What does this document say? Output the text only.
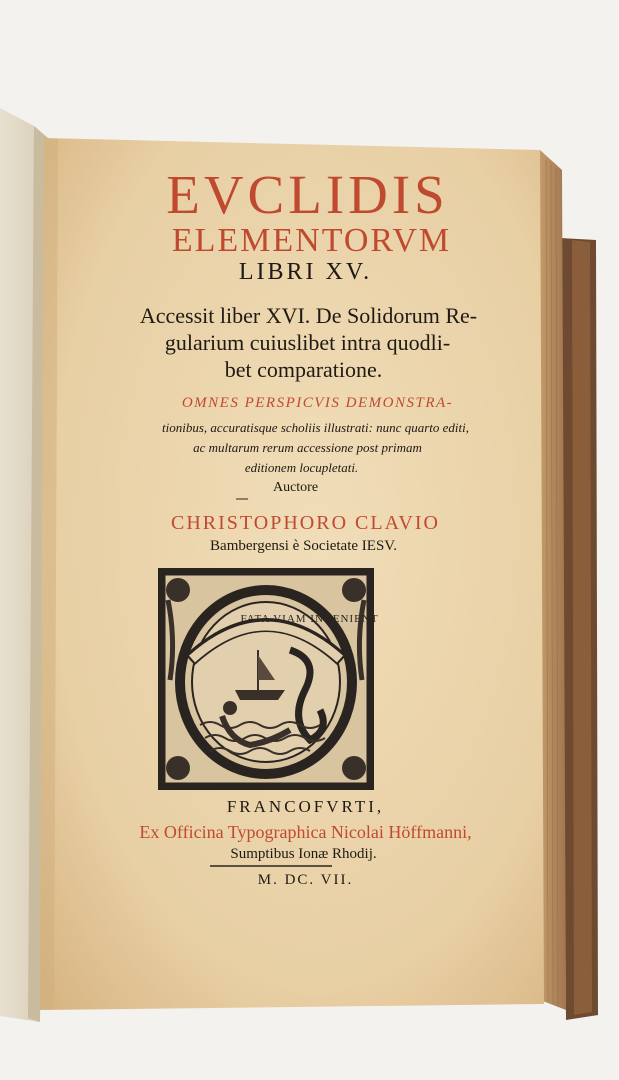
EVCLIDIS
ELEMENTORVM
LIBRI XV.
Accessit liber XVI. De Solidorum Re-
gularium cuiuslibet intra quodli-
bet comparatione.
OMNES PERSPICVIS DEMONSTRA-
tionibus, accuratisque scholiis illustrati: nunc quarto editi,
ac multarum rerum accessione post primam
editionem locupletati.
Auctore
CHRISTOPHORO CLAVIO
Bambergensi è Societate IESV.
FATA VIAM INVENIENT
FRANCOFVRTI,
Ex Officina Typographica Nicolai Höffmanni,
Sumptibus Ionæ Rhodij.
M. DC. VII.
